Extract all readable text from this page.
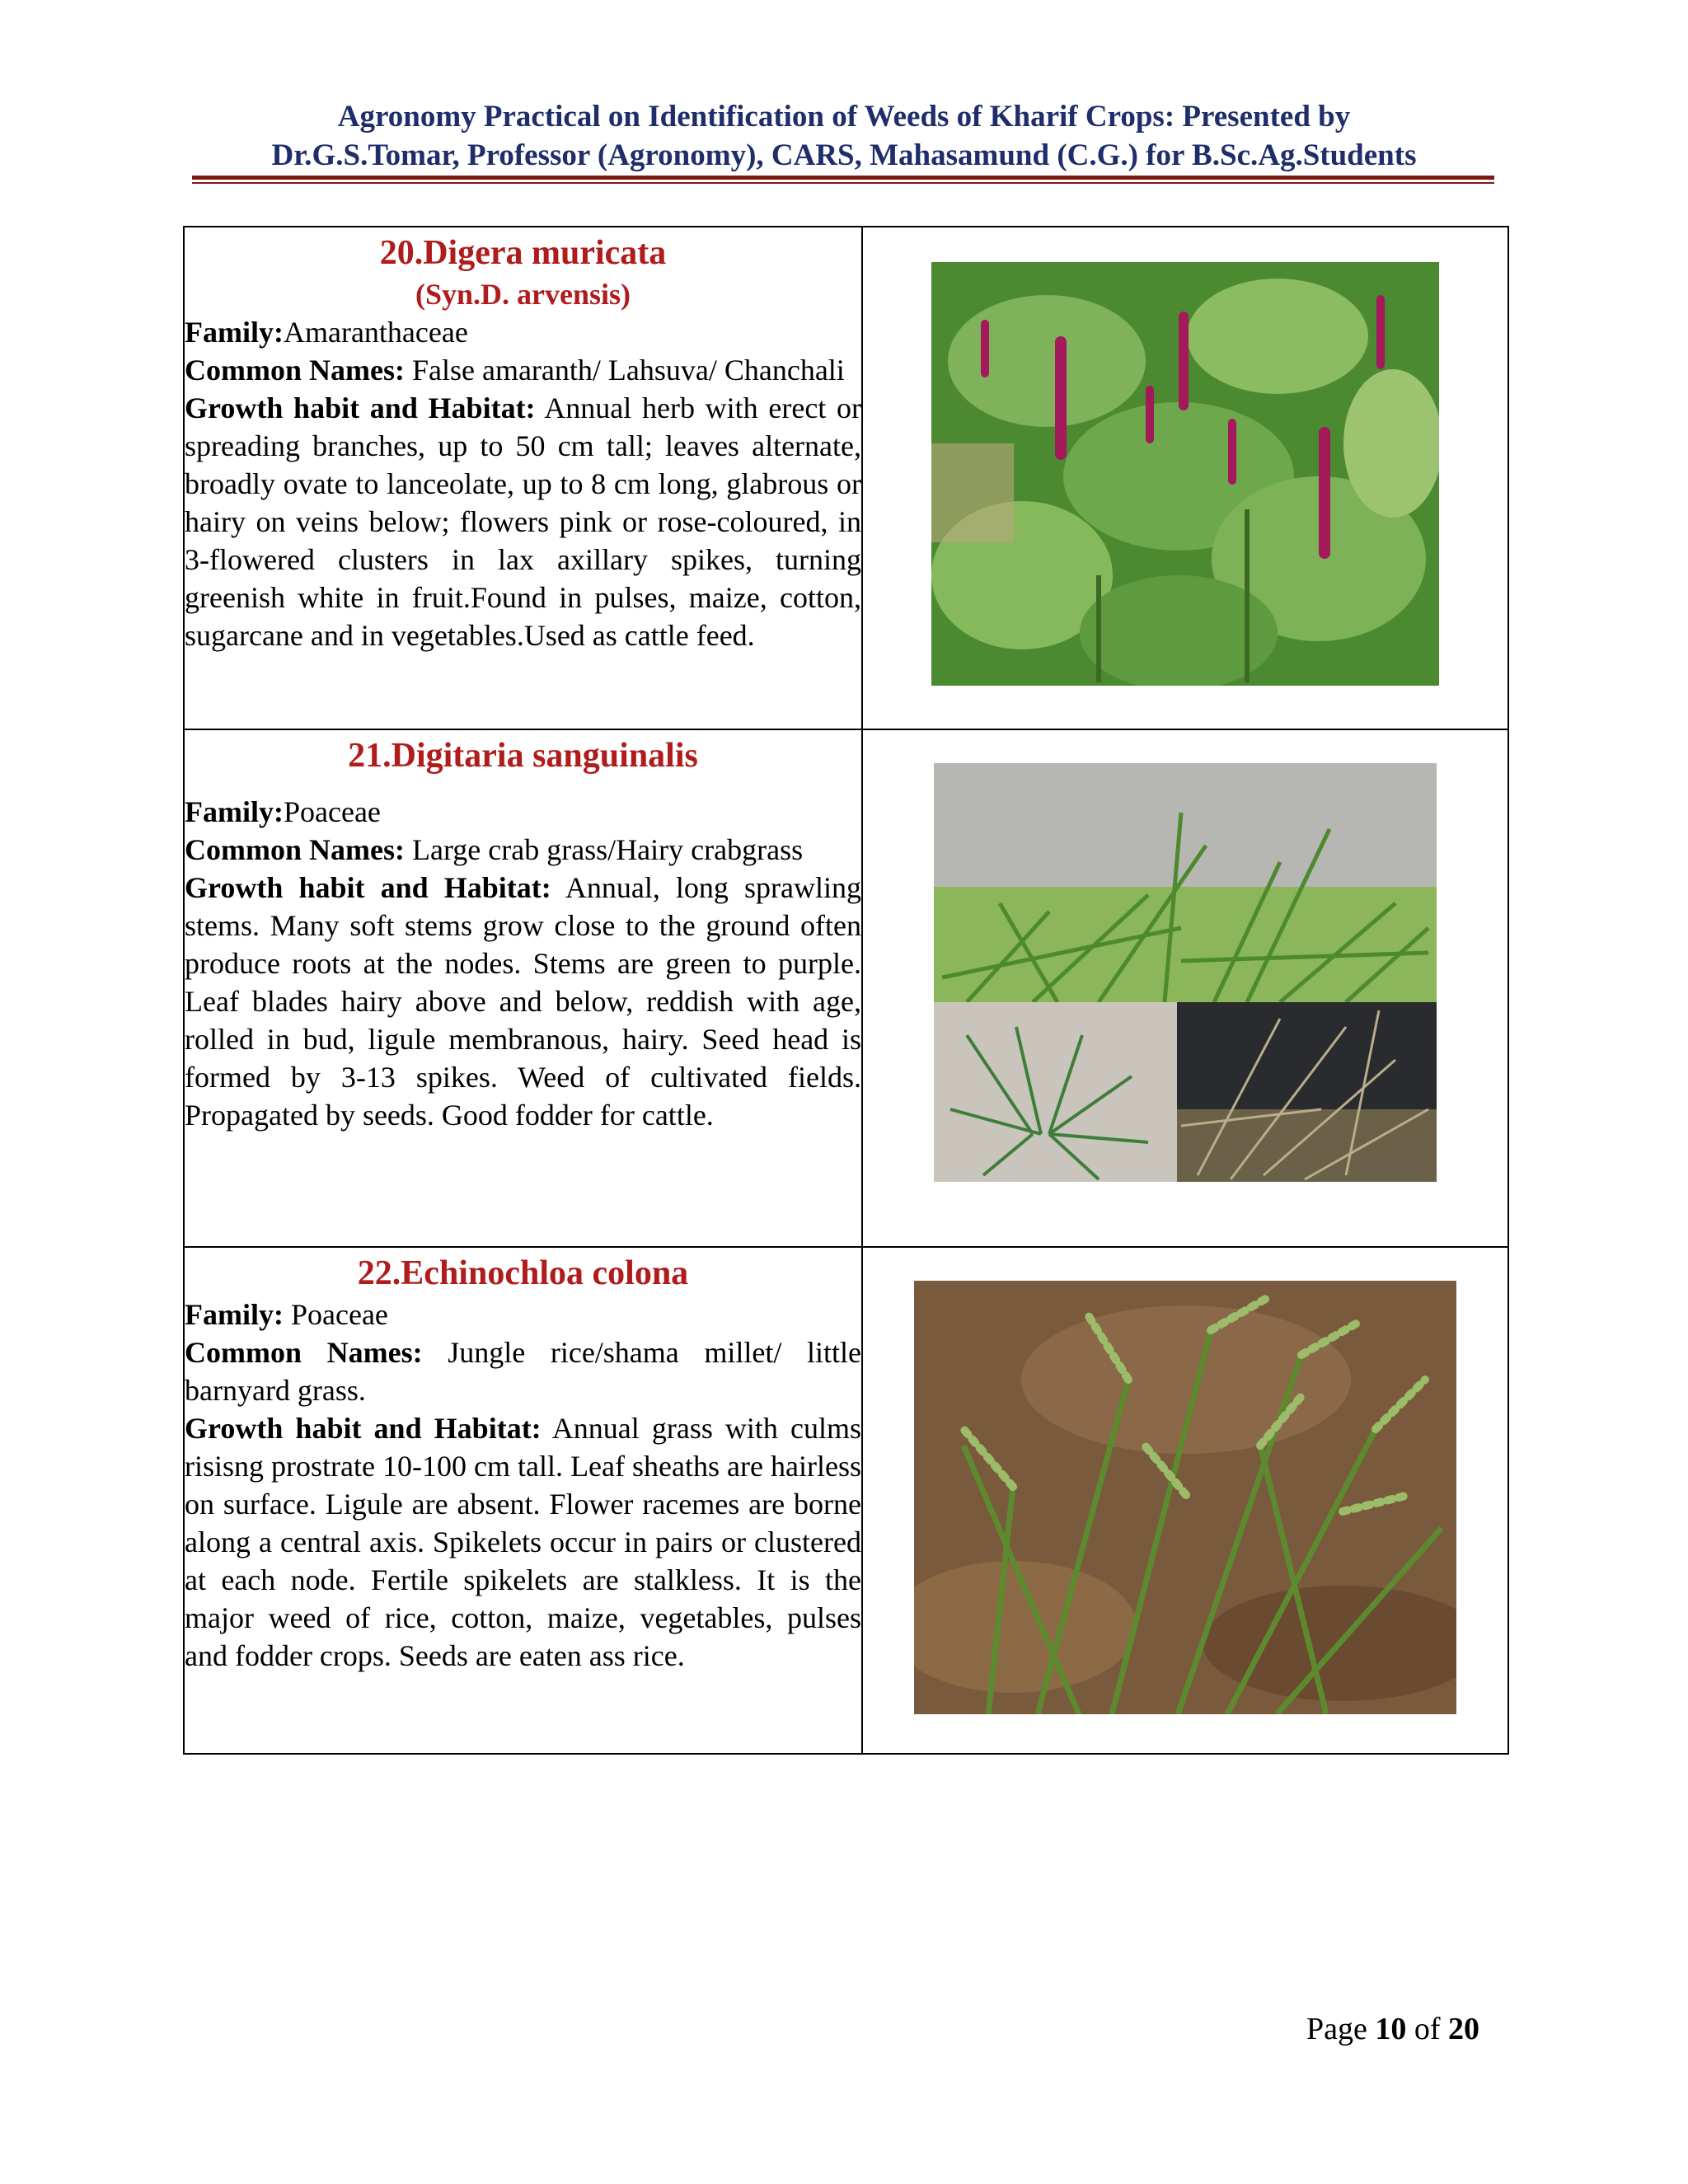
Agronomy Practical on Identification of Weeds of Kharif Crops: Presented by
Dr.G.S.Tomar, Professor (Agronomy), CARS, Mahasamund (C.G.) for B.Sc.Ag.Students
20.Digera muricata
(Syn.D. arvensis)
Family:Amaranthaceae
Common Names: False amaranth/ Lahsuva/ Chanchali
Growth habit and Habitat: Annual herb with erect or spreading branches, up to 50 cm tall; leaves alternate, broadly ovate to lanceolate, up to 8 cm long, glabrous or hairy on veins below; flowers pink or rose-coloured, in 3-flowered clusters in lax axillary spikes, turning greenish white in fruit.Found in pulses, maize, cotton, sugarcane and in vegetables.Used as cattle feed.

21.Digitaria sanguinalis
Family:Poaceae
Common Names: Large crab grass/Hairy crabgrass
Growth habit and Habitat: Annual, long sprawling stems. Many soft stems grow close to the ground often produce roots at the nodes. Stems are green to purple. Leaf blades hairy above and below, reddish with age, rolled in bud, ligule membranous, hairy. Seed head is formed by 3-13 spikes. Weed of cultivated fields. Propagated by seeds. Good fodder for cattle.

22.Echinochloa colona
Family: Poaceae
Common Names: Jungle rice/shama millet/ little barnyard grass.
Growth habit and Habitat: Annual grass with culms risisng prostrate 10-100 cm tall. Leaf sheaths are hairless on surface. Ligule are absent. Flower racemes are borne along a central axis. Spikelets occur in pairs or clustered at each node. Fertile spikelets are stalkless. It is the major weed of rice, cotton, maize, vegetables, pulses and fodder crops. Seeds are eaten ass rice.

Page 10 of 20
